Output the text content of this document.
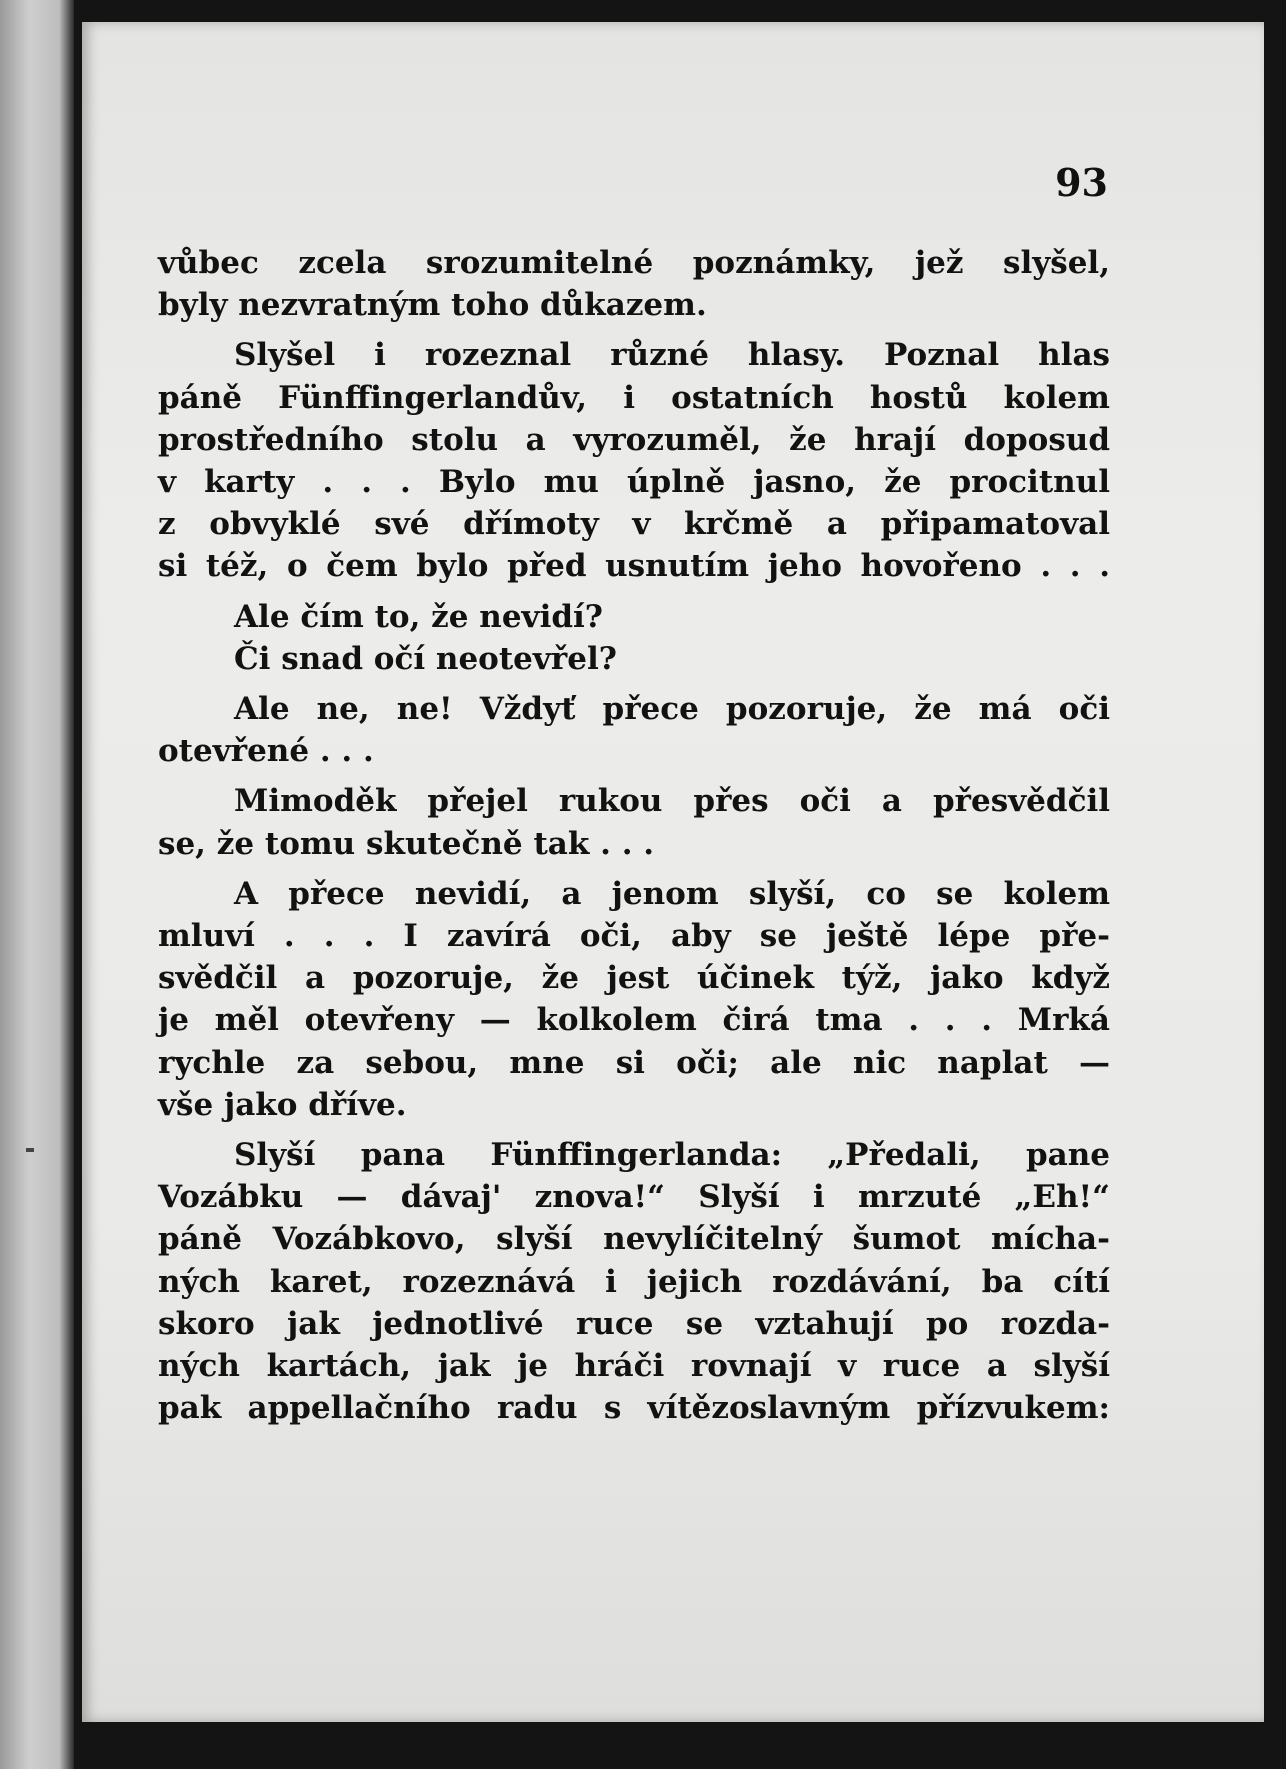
93
vůbec zcela srozumitelné poznámky, jež slyšel,
byly nezvratným toho důkazem.
Slyšel i rozeznal různé hlasy. Poznal hlas
páně Fünffingerlandův, i ostatních hostů kolem
prostředního stolu a vyrozuměl, že hrají doposud
v karty . . . Bylo mu úplně jasno, že procitnul
z obvyklé své dřímoty v krčmě a připamatoval
si též, o čem bylo před usnutím jeho hovořeno . . .
Ale čím to, že nevidí?
Či snad očí neotevřel?
Ale ne, ne! Vždyť přece pozoruje, že má oči
otevřené . . .
Mimoděk přejel rukou přes oči a přesvědčil
se, že tomu skutečně tak . . .
A přece nevidí, a jenom slyší, co se kolem
mluví . . . I zavírá oči, aby se ještě lépe pře-
svědčil a pozoruje, že jest účinek týž, jako když
je měl otevřeny — kolkolem čirá tma . . . Mrká
rychle za sebou, mne si oči; ale nic naplat —
vše jako dříve.
Slyší pana Fünffingerlanda: „Předali, pane
Vozábku — dávaj' znova!“ Slyší i mrzuté „Eh!“
páně Vozábkovo, slyší nevylíčitelný šumot mícha-
ných karet, rozeznává i jejich rozdávání, ba cítí
skoro jak jednotlivé ruce se vztahují po rozda-
ných kartách, jak je hráči rovnají v ruce a slyší
pak appellačního radu s vítězoslavným přízvukem:
